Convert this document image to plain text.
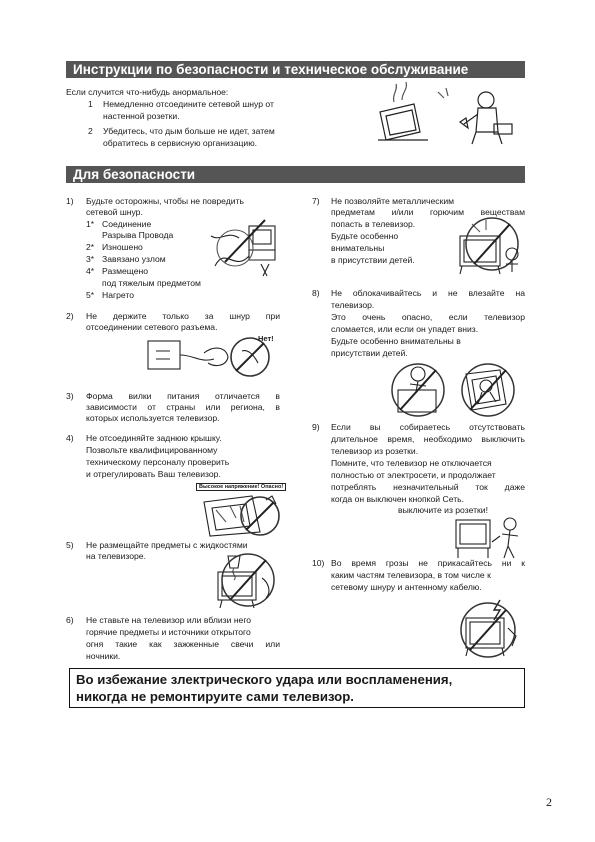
Инструкции по безопасности и техническое обслуживание
Если случится что-нибудь анормальное:
1 Немедленно отсоедините сетевой шнур от
настенной розетки.
2 Убедитесь, что дым больше не идет, затем
обратитесь в сервисную организацию.
Для безопасности
1) Будьте осторожны, чтобы не повредить
сетевой шнур.
1* Соединение
Разрыва Провода
2* Изношено
3* Завязано узлом
4* Размещено
под тяжелым предметом
5* Нагрето
2) Не держите только за шнур при
отсоединении сетевого разъема.
Нет!
3) Форма вилки питания отличается в
зависимости от страны или региона, в
которых используется телевизор.
4) Не отсоединяйте заднюю крышку.
Позвольте квалифицированному
техническому персоналу проверить
и отрегулировать Ваш телевизор.
Высокое напряжение! Опасно!
5) Не размещайте предметы с жидкостями
на телевизоре.
6) Не ставьте на телевизор или вблизи него
горячие предметы и источники открытого
огня такие как зажженные свечи или
ночники.
7) Не позволяйте металлическим
предметам и/или горючим веществам
попасть в телевизор.
Будьте особенно
внимательны
в присутствии детей.
8) Не облокачивайтесь и не влезайте на
телевизор.
Это очень опасно, если телевизор
сломается, или если он упадет вниз.
Будьте особенно внимательны в
присутствии детей.
9) Если вы собираетесь отсутствовать
длительное время, необходимо выключить
телевизор из розетки.
Помните, что телевизор не отключается
полностью от электросети, и продолжает
потреблять незначительный ток даже
когда он выключен кнопкой Сеть.
выключите из розетки!
10) Во время грозы не прикасайтесь ни к
каким частям телевизора, в том числе к
сетевому шнуру и антенному кабелю.
Во избежание злектрического удара или воспламенения,
никогда не ремонтируите сами телевизор.
2
